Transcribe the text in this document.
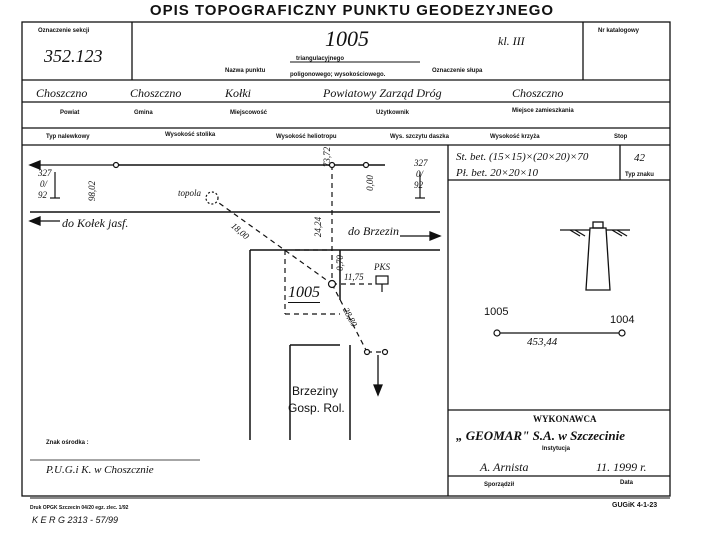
OPIS TOPOGRAFICZNY PUNKTU GEODEZYJNEGO
Oznaczenie sekcji
352.123
1005	kl. III
Nr katalogowy
triangulacyjnego
Nazwa punktu
poligonowego; wysokościowego.
Oznaczenie słupa
Choszczno	Choszczno	Kołki	Powiatowy Zarząd Dróg	Choszczno
Powiat	Gmina	Miejscowość	Użytkownik	Miejsce zamieszkania
Typ nalewkowy	Wysokość stolika	Wysokość heliotropu	Wys. szczytu daszka	Wysokość krzyża	Stop
St. bet. (15×15)×(20×20)×70
Pł. bet. 20×20×10
42
Typ znaku
327
0/
92	98,02
73,72
0,00
327
0/
92
topola
do Kołek jasf.
do Brzezin
18,00	24,24
0,70
11,75
PKS
1005
28,80
Brzeziny
Gosp. Rol.
1005
1004
453,44
WYKONAWCA
„ GEOMAR" S.A. w Szczecinie
Instytucja
A. Arnista	11. 1999 r.
Sporządził	Data
Znak ośrodka :
P.U.G.i K. w Choszcznie
Druk OPGK Szczecin 04/20 egz. zlec. 1/92	GUGiK 4-1-23
K E R G 2313 - 57/99
